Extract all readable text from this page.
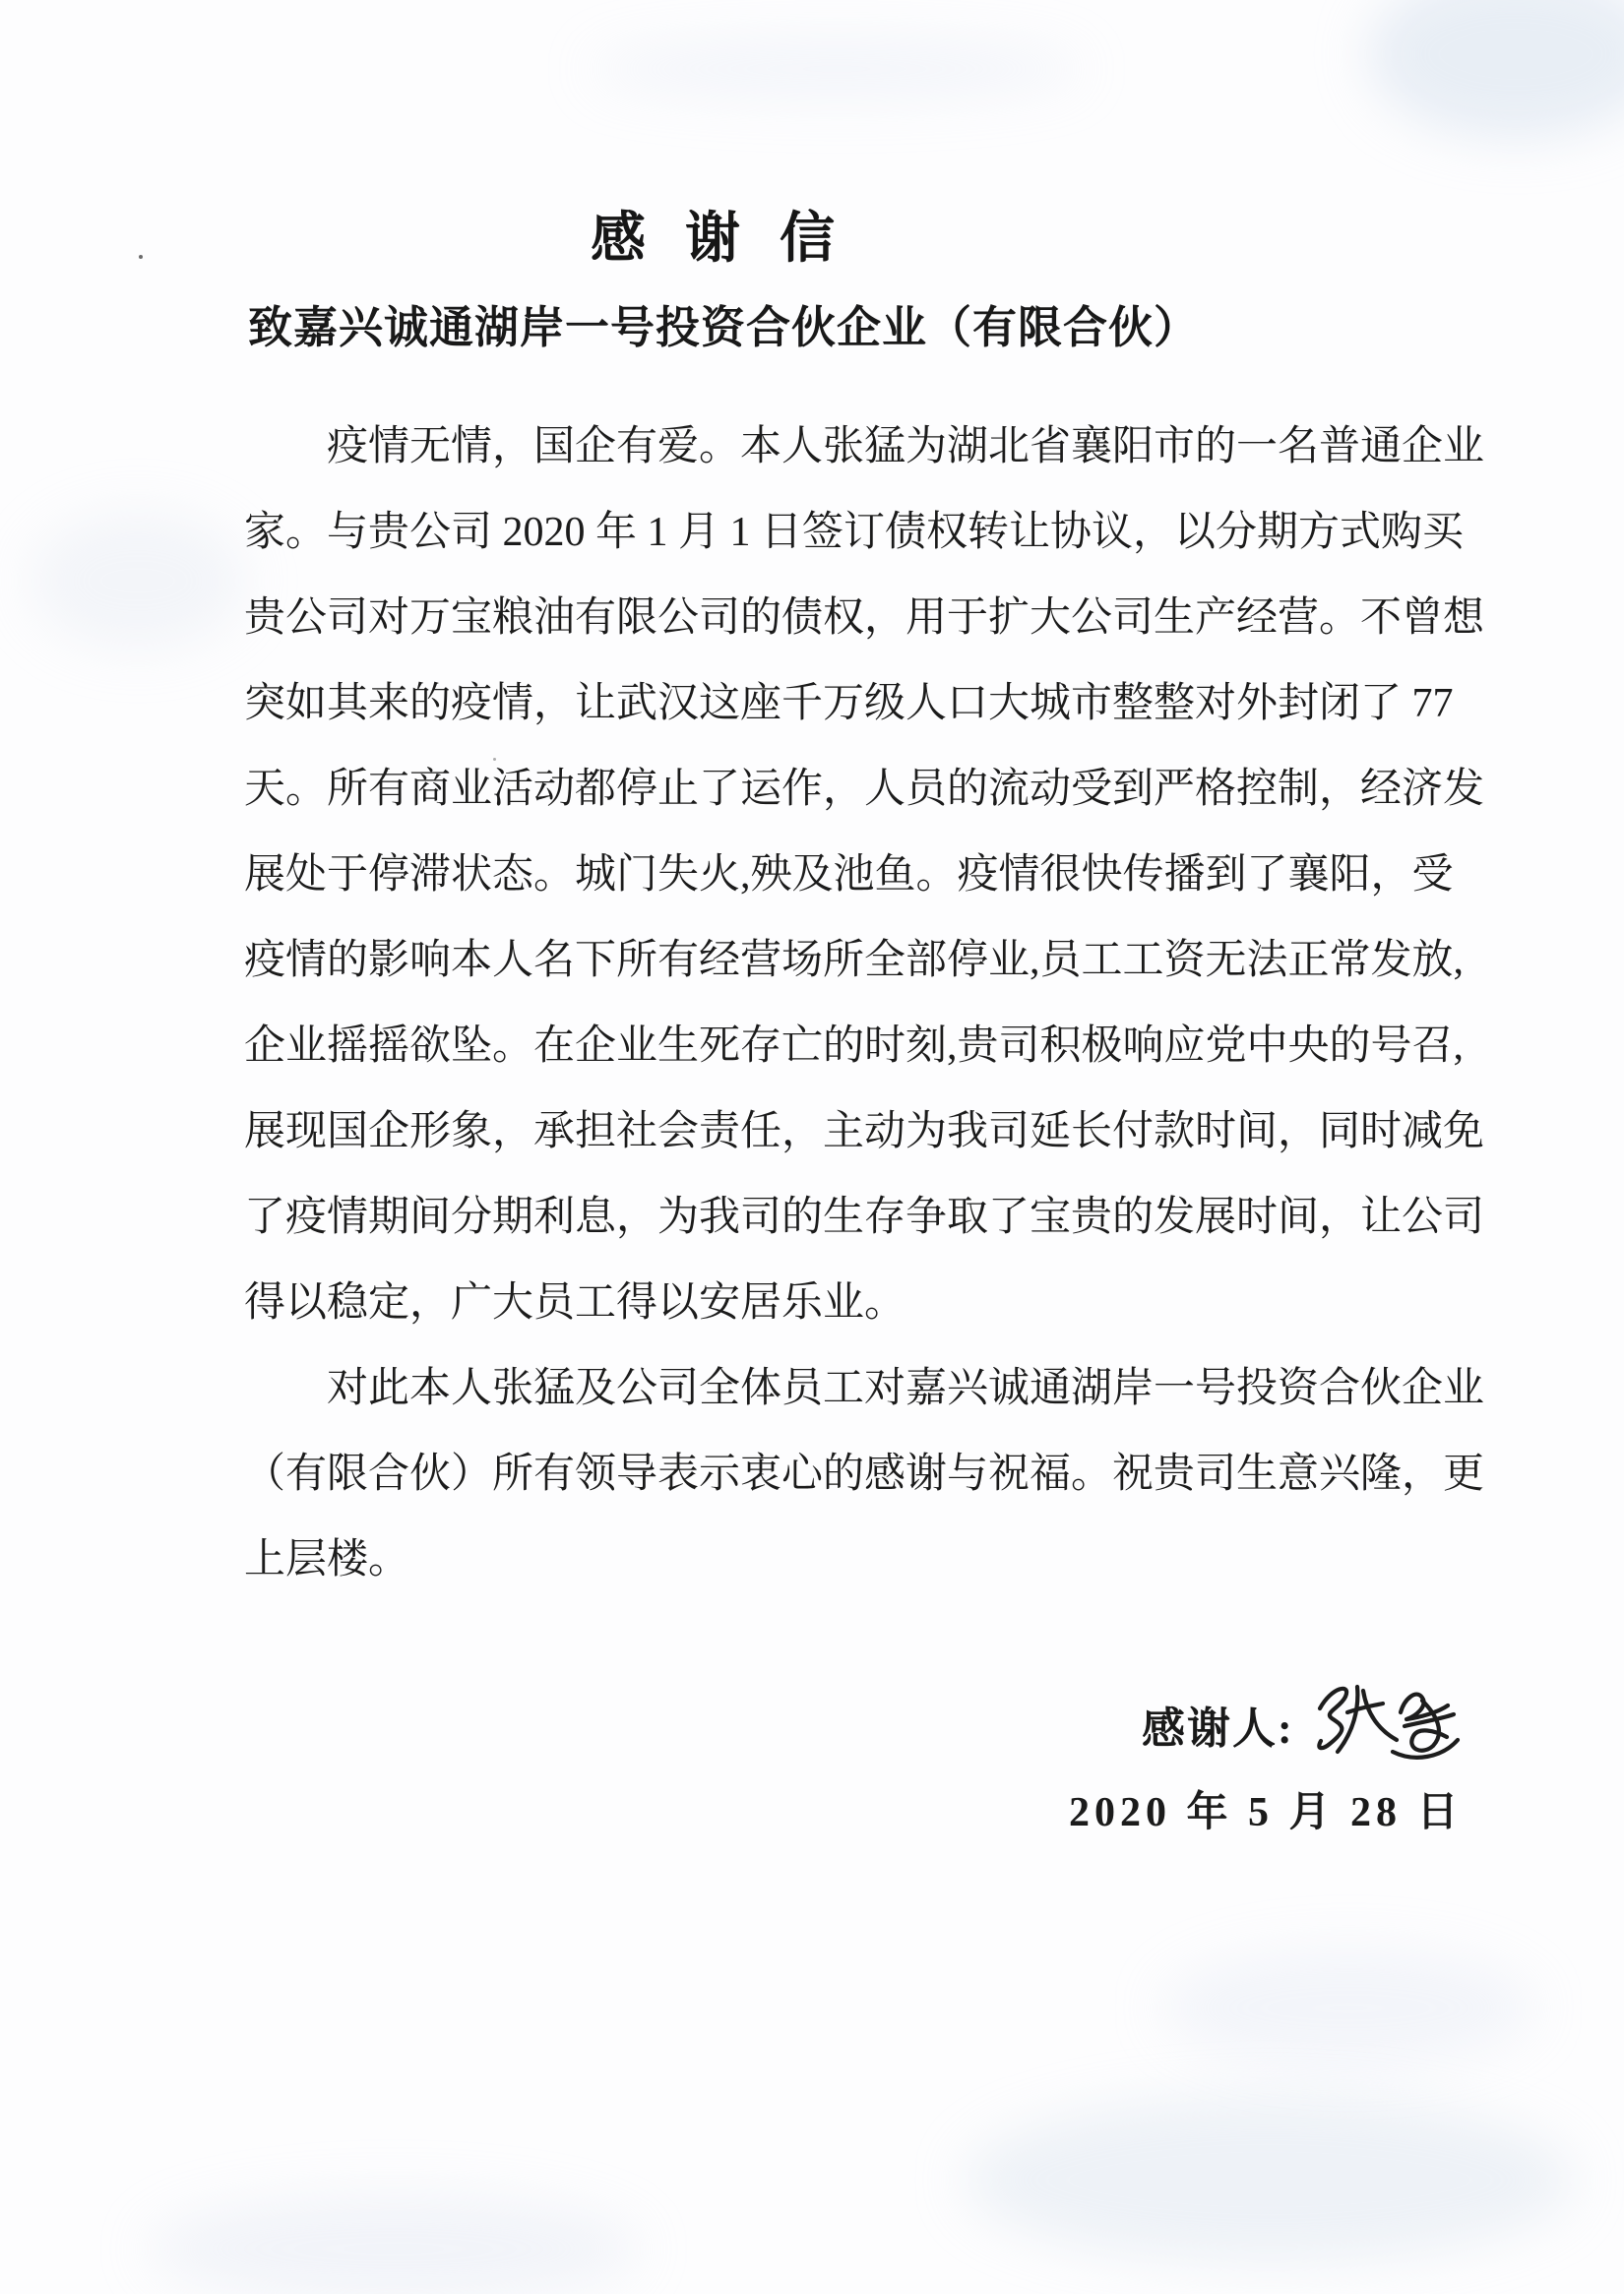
感谢信
致嘉兴诚通湖岸一号投资合伙企业（有限合伙）
疫情无情，国企有爱。本人张猛为湖北省襄阳市的一名普通企业
家。与贵公司 2020 年 1 月 1 日签订债权转让协议，以分期方式购买
贵公司对万宝粮油有限公司的债权，用于扩大公司生产经营。不曾想
突如其来的疫情，让武汉这座千万级人口大城市整整对外封闭了 77
天。所有商业活动都停止了运作，人员的流动受到严格控制，经济发
展处于停滞状态。城门失火,殃及池鱼。疫情很快传播到了襄阳，受
疫情的影响本人名下所有经营场所全部停业,员工工资无法正常发放,
企业摇摇欲坠。在企业生死存亡的时刻,贵司积极响应党中央的号召,
展现国企形象，承担社会责任，主动为我司延长付款时间，同时减免
了疫情期间分期利息，为我司的生存争取了宝贵的发展时间，让公司
得以稳定，广大员工得以安居乐业。
对此本人张猛及公司全体员工对嘉兴诚通湖岸一号投资合伙企业
（有限合伙）所有领导表示衷心的感谢与祝福。祝贵司生意兴隆，更
上层楼。
感谢人:
2020 年 5 月 28 日
